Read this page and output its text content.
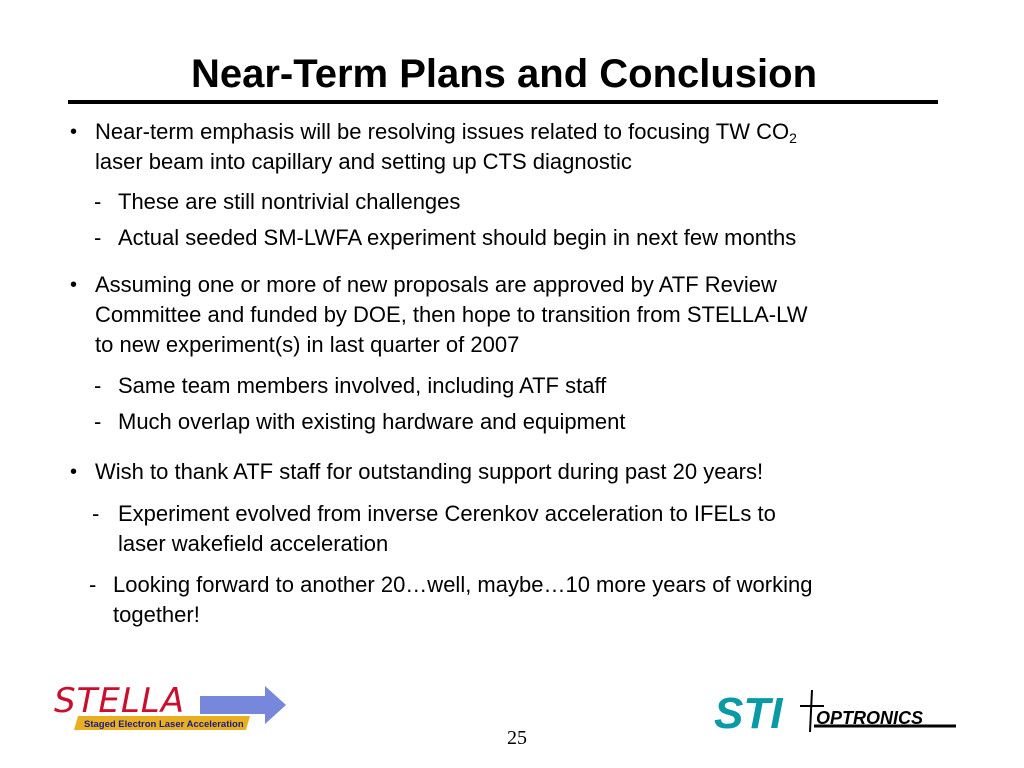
Near-Term Plans and Conclusion
• Near-term emphasis will be resolving issues related to focusing TW $CO_2$
laser beam into capillary and setting up CTS diagnostic
- These are still nontrivial challenges
- Actual seeded SM-LWFA experiment should begin in next few months
• Assuming one or more of new proposals are approved by ATF Review
Committee and funded by DOE, then hope to transition from STELLA-LW
to new experiment(s) in last quarter of 2007
- Same team members involved, including ATF staff
- Much overlap with existing hardware and equipment
• Wish to thank ATF staff for outstanding support during past 20 years!
- Experiment evolved from inverse Cerenkov acceleration to IFELs to
laser wakefield acceleration
- Looking forward to another 20…well, maybe…10 more years of working
together!
STELLA
Staged Electron Laser Acceleration	STI OPTRONICS
25
